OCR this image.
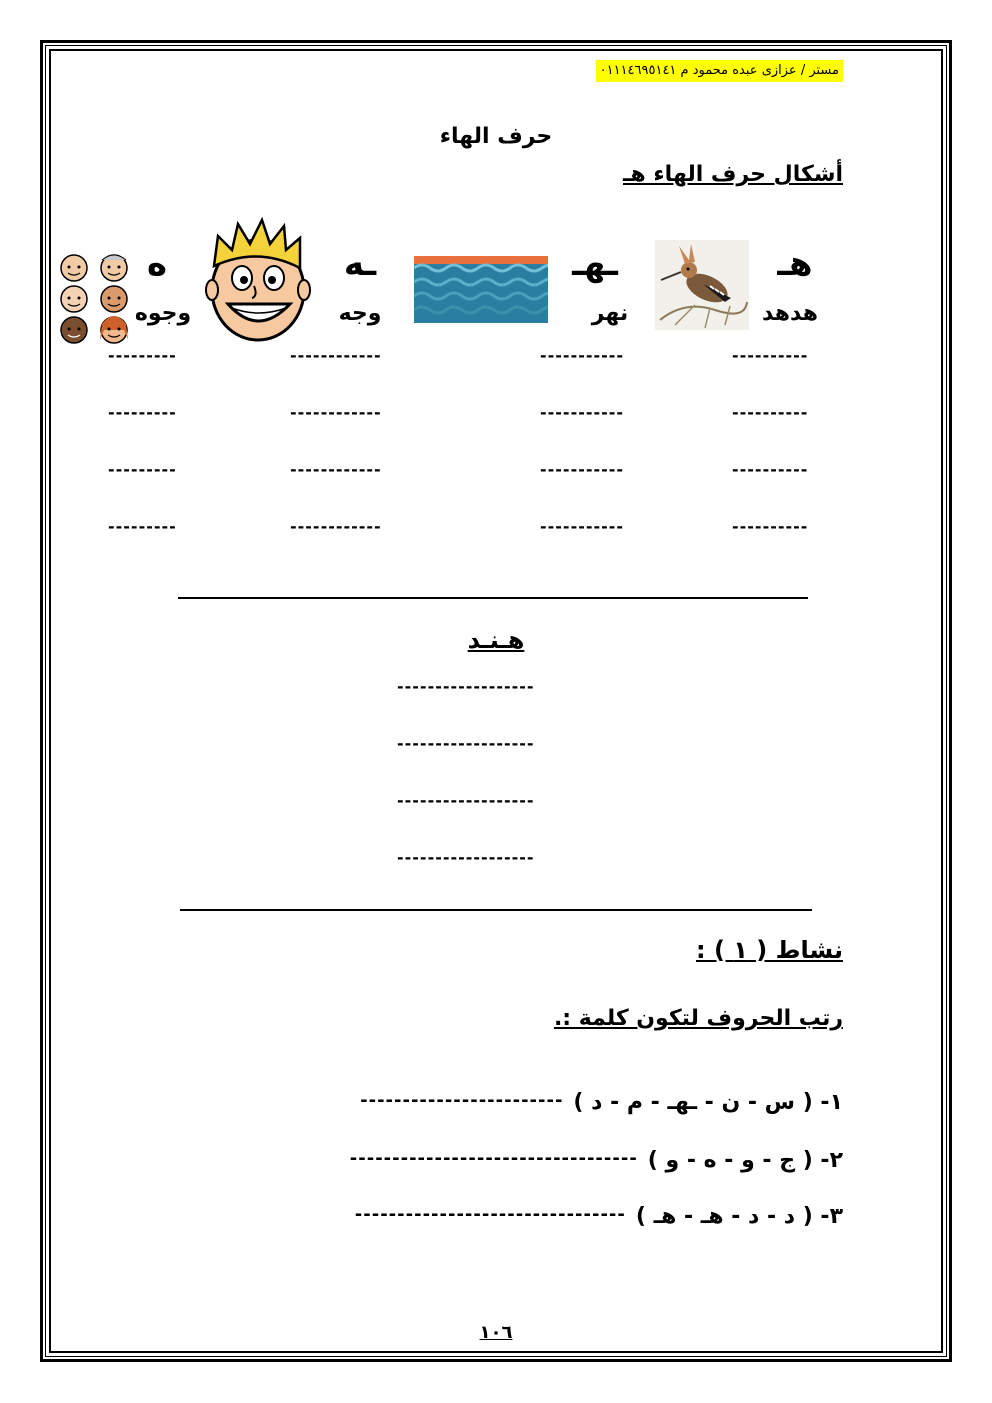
مستر / عزازى عبده محمود م ٠١١١٤٦٩٥١٤١
حرف الهاء
أشكال حرف الهاء هـ
هـ
هدهد
ـهـ
نهر
ـه
وجه
ه
وجوه
----------
----------
----------
----------
-----------
-----------
-----------
-----------
------------
------------
------------
------------
---------
---------
---------
---------
هـنـد
------------------
------------------
------------------
------------------
نشاط ( ١ ) :
رتب الحروف لتكون كلمة :.
١- ( س - ن - ـهـ - م - د )
------------------------
٢- ( ج - و - ه - و )
----------------------------------
٣- ( د - د - هـ - هـ )
--------------------------------
١٠٦
